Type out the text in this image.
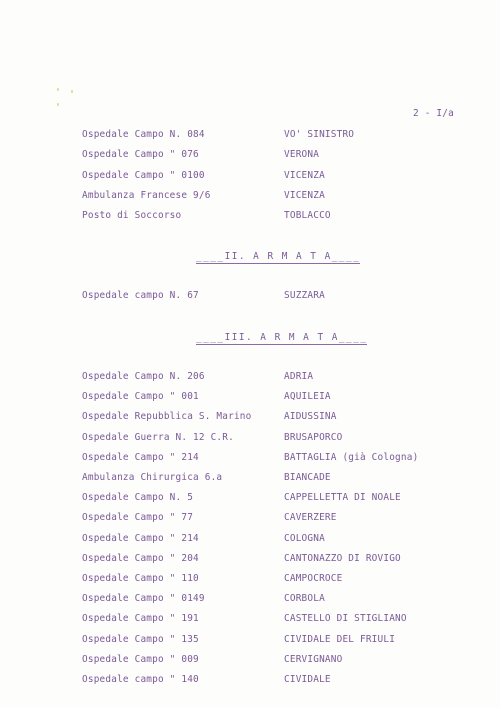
2 - I/a
Ospedale Campo N. 084	VO' SINISTRO
Ospedale Campo " 076	VERONA
Ospedale Campo " 0100	VICENZA
Ambulanza Francese 9/6	VICENZA
Posto di Soccorso	TOBLACCO
____II. A R M A T A____
Ospedale campo N. 67	SUZZARA
____III. A R M A T A____
Ospedale Campo N. 206	ADRIA
Ospedale Campo " 001	AQUILEIA
Ospedale Repubblica S. Marino	AIDUSSINA
Ospedale Guerra N. 12 C.R.	BRUSAPORCO
Ospedale Campo " 214	BATTAGLIA (già Cologna)
Ambulanza Chirurgica 6.a	BIANCADE
Ospedale Campo N. 5	CAPPELLETTA DI NOALE
Ospedale Campo " 77	CAVERZERE
Ospedale Campo " 214	COLOGNA
Ospedale Campo " 204	CANTONAZZO DI ROVIGO
Ospedale Campo " 110	CAMPOCROCE
Ospedale Campo " 0149	CORBOLA
Ospedale Campo " 191	CASTELLO DI STIGLIANO
Ospedale Campo " 135	CIVIDALE DEL FRIULI
Ospedale Campo " 009	CERVIGNANO
Ospedale campo " 140	CIVIDALE
